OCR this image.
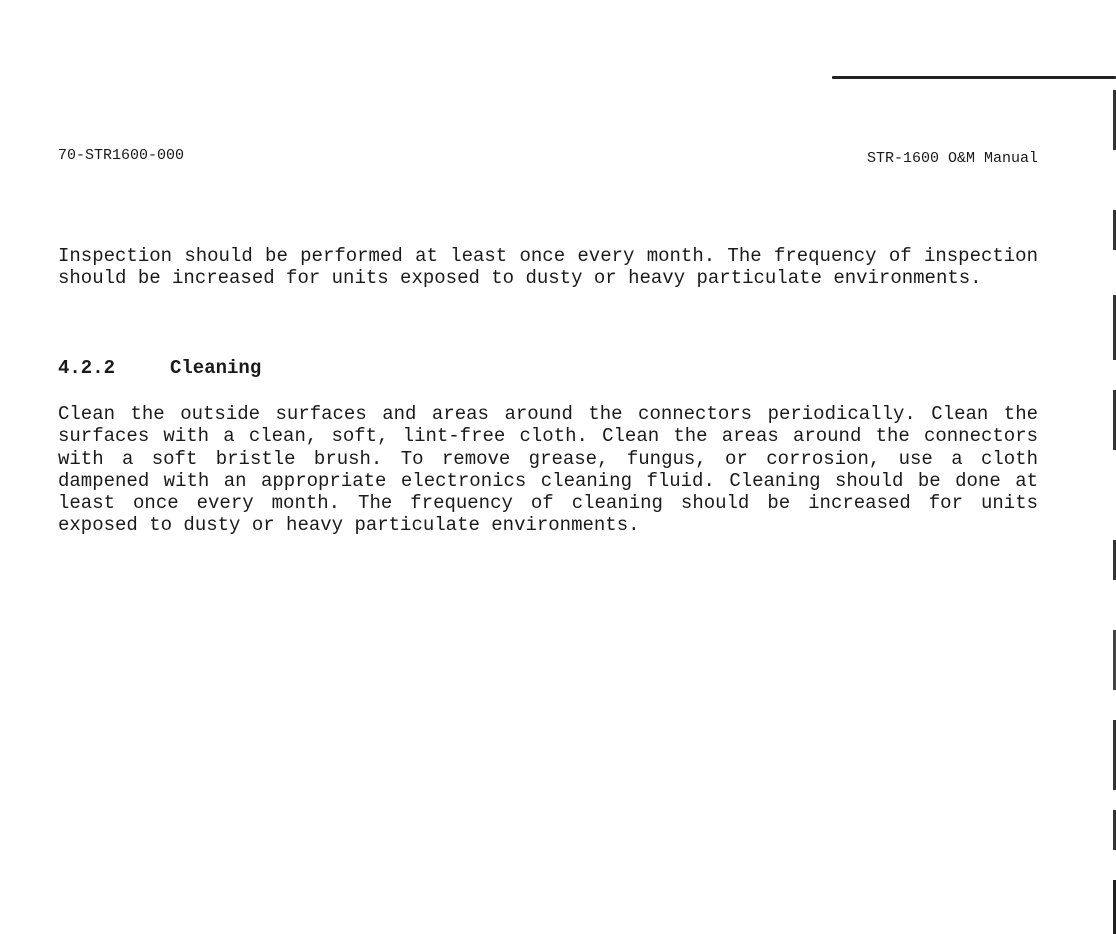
70-STR1600-000	STR-1600 O&M Manual

Inspection should be performed at least once every month. The frequency of inspection should be increased for units exposed to dusty or heavy particulate environments.

4.2.2	Cleaning

Clean the outside surfaces and areas around the connectors periodically. Clean the surfaces with a clean, soft, lint-free cloth. Clean the areas around the connectors with a soft bristle brush. To remove grease, fungus, or corrosion, use a cloth dampened with an appropriate electronics cleaning fluid. Cleaning should be done at least once every month. The frequency of cleaning should be increased for units exposed to dusty or heavy particulate environments.
